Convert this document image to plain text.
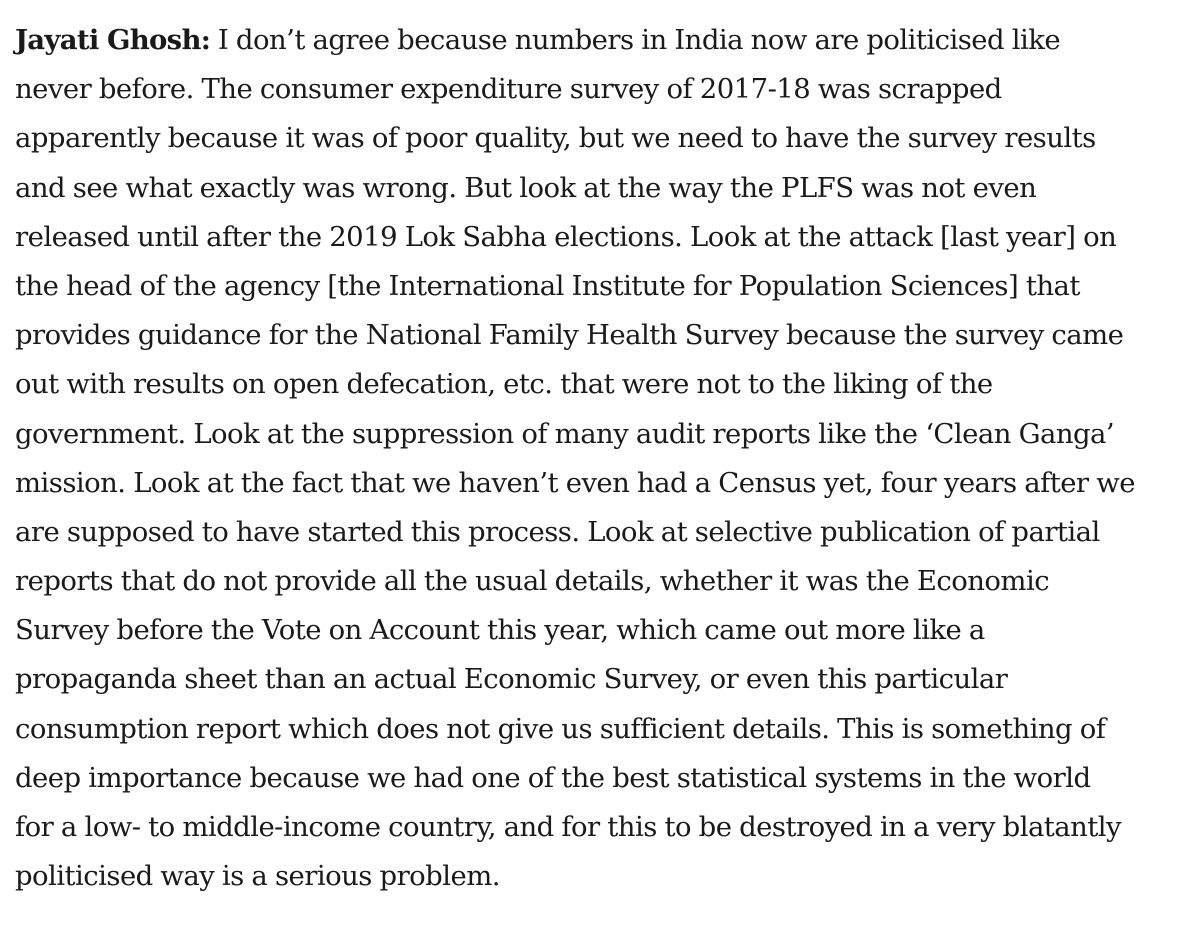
Jayati Ghosh: I don’t agree because numbers in India now are politicised like
never before. The consumer expenditure survey of 2017-18 was scrapped
apparently because it was of poor quality, but we need to have the survey results
and see what exactly was wrong. But look at the way the PLFS was not even
released until after the 2019 Lok Sabha elections. Look at the attack [last year] on
the head of the agency [the International Institute for Population Sciences] that
provides guidance for the National Family Health Survey because the survey came
out with results on open defecation, etc. that were not to the liking of the
government. Look at the suppression of many audit reports like the ‘Clean Ganga’
mission. Look at the fact that we haven’t even had a Census yet, four years after we
are supposed to have started this process. Look at selective publication of partial
reports that do not provide all the usual details, whether it was the Economic
Survey before the Vote on Account this year, which came out more like a
propaganda sheet than an actual Economic Survey, or even this particular
consumption report which does not give us sufficient details. This is something of
deep importance because we had one of the best statistical systems in the world
for a low- to middle-income country, and for this to be destroyed in a very blatantly
politicised way is a serious problem.
